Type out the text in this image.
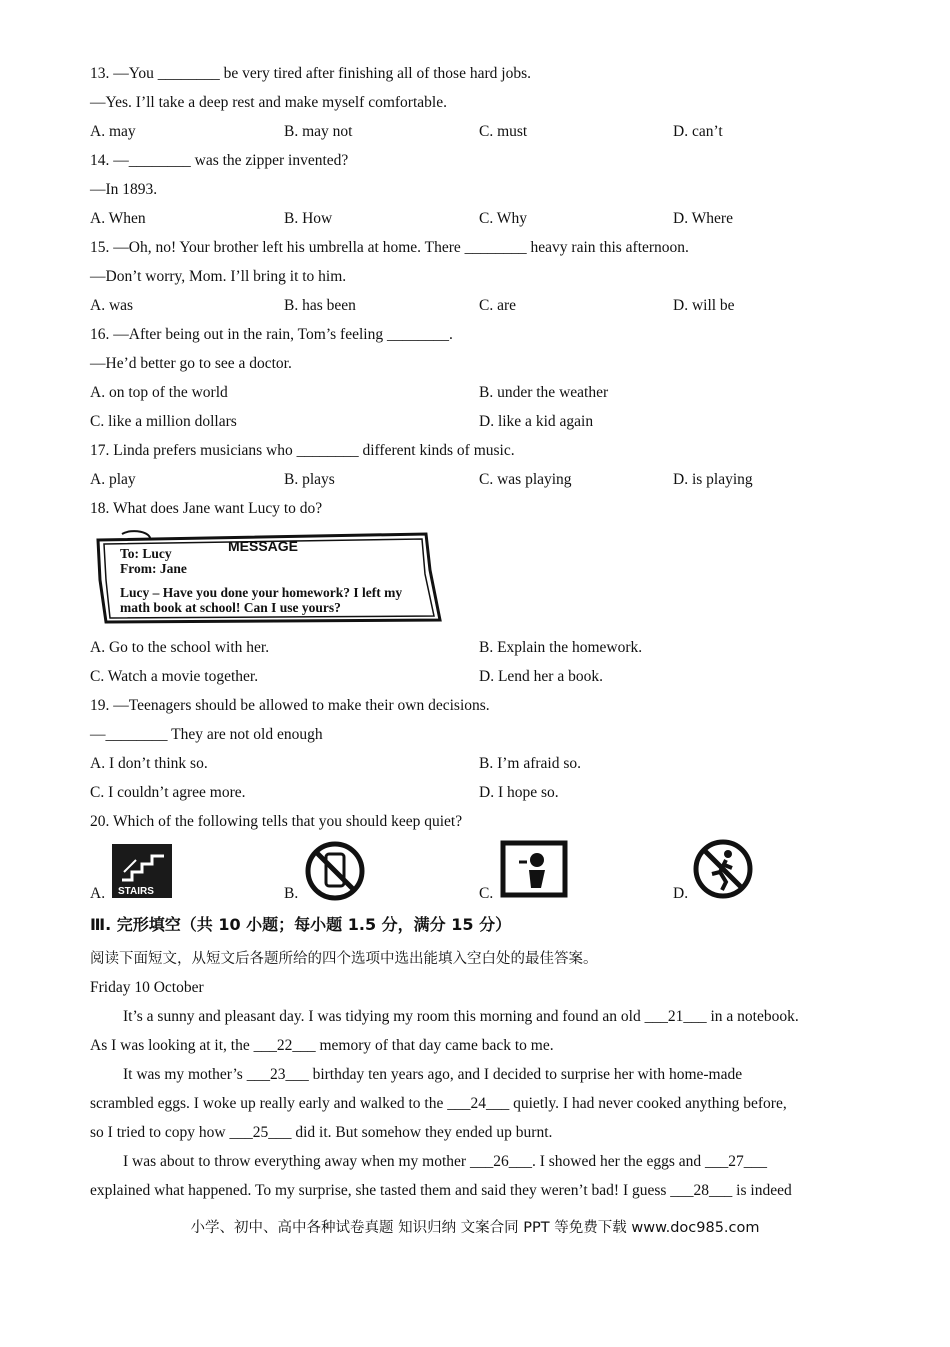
13. —You ________ be very tired after finishing all of those hard jobs.
—Yes. I’ll take a deep rest and make myself comfortable.
A. may	B. may not	C. must	D. can’t
14. —________ was the zipper invented?
—In 1893.
A. When	B. How	C. Why	D. Where
15. —Oh, no! Your brother left his umbrella at home. There ________ heavy rain this afternoon.
—Don’t worry, Mom. I’ll bring it to him.
A. was	B. has been	C. are	D. will be
16. —After being out in the rain, Tom’s feeling ________.
—He’d better go to see a doctor.
A. on top of the world	B. under the weather
C. like a million dollars	D. like a kid again
17. Linda prefers musicians who ________ different kinds of music.
A. play	B. plays	C. was playing	D. is playing
18. What does Jane want Lucy to do?
MESSAGE
To: Lucy
From: Jane
Lucy – Have you done your homework? I left my
math book at school! Can I use yours?
A. Go to the school with her.	B. Explain the homework.
C. Watch a movie together.	D. Lend her a book.
19. —Teenagers should be allowed to make their own decisions.
—________ They are not old enough
A. I don’t think so.	B. I’m afraid so.
C. I couldn’t agree more.	D. I hope so.
20. Which of the following tells that you should keep quiet?
A. STAIRS	B.	C.	D.
Ⅲ. 完形填空（共 10 小题；每小题 1.5 分，满分 15 分）
阅读下面短文，从短文后各题所给的四个选项中选出能填入空白处的最佳答案。
Friday 10 October
It’s a sunny and pleasant day. I was tidying my room this morning and found an old ___21___ in a notebook.
As I was looking at it, the ___22___ memory of that day came back to me.
It was my mother’s ___23___ birthday ten years ago, and I decided to surprise her with home-made
scrambled eggs. I woke up really early and walked to the ___24___ quietly. I had never cooked anything before,
so I tried to copy how ___25___ did it. But somehow they ended up burnt.
I was about to throw everything away when my mother ___26___. I showed her the eggs and ___27___
explained what happened. To my surprise, she tasted them and said they weren’t bad! I guess ___28___ is indeed
小学、初中、高中各种试卷真题 知识归纳 文案合同 PPT 等免费下载 www.doc985.com
